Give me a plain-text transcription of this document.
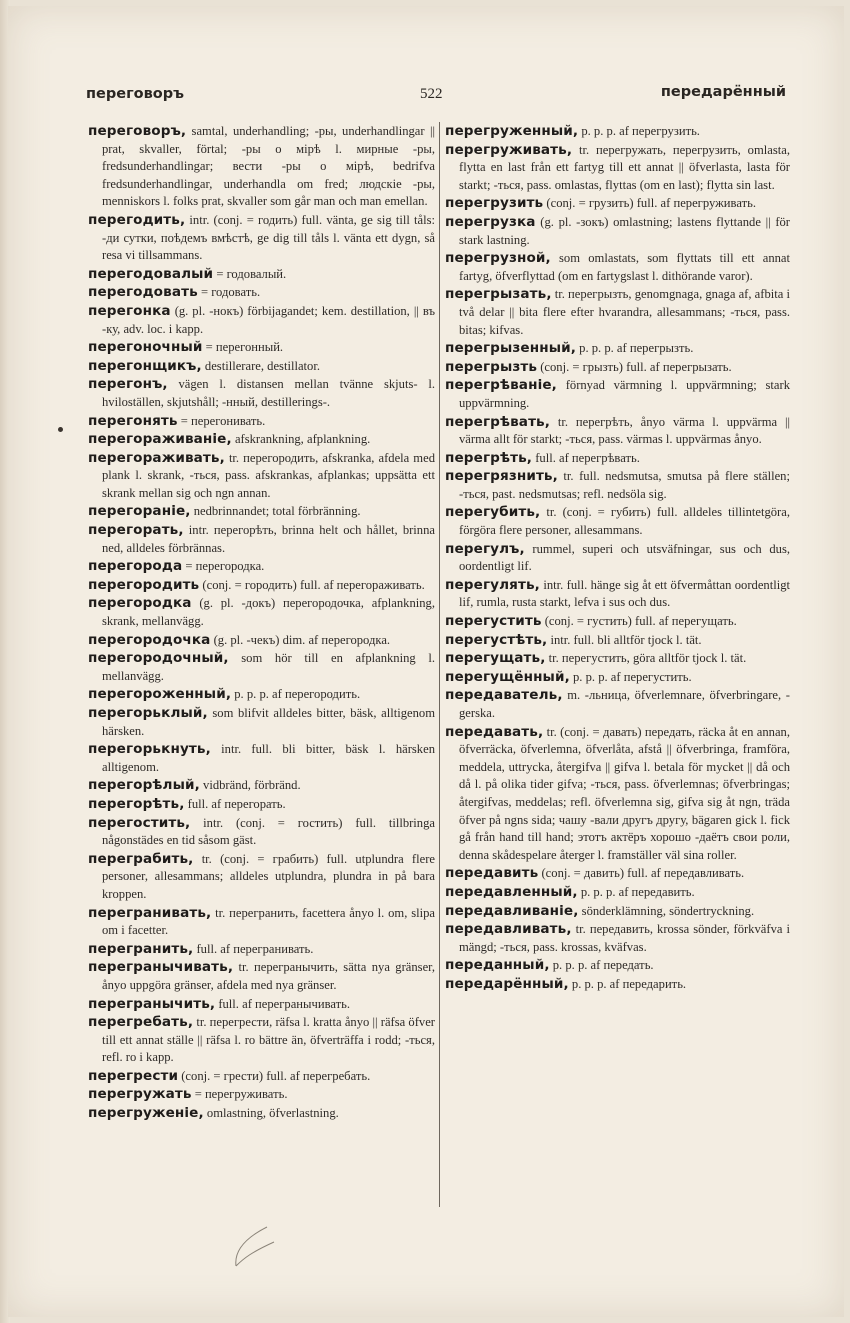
переговоръ	522	передарённый
переговоръ, samtal, underhandling; -ры, underhandlingar || prat, skvaller, förtal; -ры о мірѣ l. мирные -ры, fredsunderhandlingar; вести -ры о мірѣ, bedrifva fredsunderhandlingar, underhandla om fred; людскіе -ры, menniskors l. folks prat, skvaller som går man och man emellan.
перегодить, intr. (conj. = годить) full. vänta, ge sig till tåls: -ди сутки, поѣдемъ вмѣстѣ, ge dig till tåls l. vänta ett dygn, så resa vi tillsammans.
перегодовалый = годовалый.
перегодовать = годовать.
перегонка (g. pl. -нокъ) förbijagandet; kem. destillation, || въ -ку, adv. loc. i kapp.
перегоночный = перегонный.
перегонщикъ, destillerare, destillator.
перегонъ, vägen l. distansen mellan tvänne skjuts- l. hviloställen, skjutshåll; -нный, destillerings-.
перегонять = перегонивать.
перегораживаніе, afskrankning, afplankning.
перегораживать, tr. перегородить, afskranka, afdela med plank l. skrank, -ться, pass. afskrankas, afplankas; uppsätta ett skrank mellan sig och ngn annan.
перегораніе, nedbrinnandet; total förbränning.
перегорать, intr. перегорѣть, brinna helt och hållet, brinna ned, alldeles förbrännas.
перегорода = перегородка.
перегородить (conj. = городить) full. af перегораживать.
перегородка (g. pl. -докъ) перегородочка, afplankning, skrank, mellanvägg.
перегородочка (g. pl. -чекъ) dim. af перегородка.
перегородочный, som hör till en afplankning l. mellanvägg.
перегороженный, p. p. p. af перегородить.
перегорьклый, som blifvit alldeles bitter, bäsk, alltigenom härsken.
перегорькнуть, intr. full. bli bitter, bäsk l. härsken alltigenom.
перегорѣлый, vidbränd, förbränd.
перегорѣть, full. af перегорать.
перегостить, intr. (conj. = гостить) full. tillbringa någonstädes en tid såsom gäst.
переграбить, tr. (conj. = грабить) full. utplundra flere personer, allesammans; alldeles utplundra, plundra in på bara kroppen.
перегранивать, tr. перегранить, facettera ånyo l. om, slipa om i facetter.
перегранить, full. af перегранивать.
перегранычивать, tr. перегранычить, sätta nya gränser, ånyo uppgöra gränser, afdela med nya gränser.
перегранычить, full. af перегранычивать.
перегребать, tr. перегрести, räfsa l. kratta ånyo || räfsa öfver till ett annat ställe || räfsa l. ro bättre än, öfverträffa i rodd; -ться, refl. ro i kapp.
перегрести (conj. = грести) full. af перегребать.
перегружать = перегруживать.
перегруженіе, omlastning, öfverlastning.
перегруженный, p. p. p. af перегрузить.
перегруживать, tr. перегружать, перегрузить, omlasta, flytta en last från ett fartyg till ett annat || öfverlasta, lasta för starkt; -ться, pass. omlastas, flyttas (om en last); flytta sin last.
перегрузить (conj. = грузить) full. af перегруживать.
перегрузка (g. pl. -зокъ) omlastning; lastens flyttande || för stark lastning.
перегрузной, som omlastats, som flyttats till ett annat fartyg, öfverflyttad (om en fartygslast l. dithörande varor).
перегрызать, tr. перегрызть, genomgnaga, gnaga af, afbita i två delar || bita flere efter hvarandra, allesammans; -ться, pass. bitas; kifvas.
перегрызенный, p. p. p. af перегрызть.
перегрызть (conj. = грызть) full. af перегрызать.
перегрѣваніе, förnyad värmning l. uppvärmning; stark uppvärmning.
перегрѣвать, tr. перегрѣть, ånyo värma l. uppvärma || värma allt för starkt; -ться, pass. värmas l. uppvärmas ånyo.
перегрѣть, full. af перегрѣвать.
перегрязнить, tr. full. nedsmutsa, smutsa på flere ställen; -ться, past. nedsmutsas; refl. nedsöla sig.
перегубить, tr. (conj. = губить) full. alldeles tillintetgöra, förgöra flere personer, allesammans.
перегулъ, rummel, superi och utsväfningar, sus och dus, oordentligt lif.
перегулять, intr. full. hänge sig åt ett öfvermåttan oordentligt lif, rumla, rusta starkt, lefva i sus och dus.
перегустить (conj. = густить) full. af перегущать.
перегустѣть, intr. full. bli alltför tjock l. tät.
перегущать, tr. перегустить, göra alltför tjock l. tät.
перегущённый, p. p. p. af перегустить.
передаватель, m. -льница, öfverlemnare, öfverbringare, -gerska.
передавать, tr. (conj. = давать) передать, räcka åt en annan, öfverräcka, öfverlemna, öfverlåta, afstå || öfverbringa, framföra, meddela, uttrycka, återgifva || gifva l. betala för mycket || då och då l. på olika tider gifva; -ться, pass. öfverlemnas; öfverbringas; återgifvas, meddelas; refl. öfverlemna sig, gifva sig åt ngn, träda öfver på ngns sida; чашу -вали другъ другу, bägaren gick l. fick gå från hand till hand; этотъ актёръ хорошо -даётъ свои роли, denna skådespelare återger l. framställer väl sina roller.
передавить (conj. = давить) full. af передавливать.
передавленный, p. p. p. af передавить.
передавливаніе, sönderklämning, söndertryckning.
передавливать, tr. передавить, krossa sönder, förkväfva i mängd; -ться, pass. krossas, kväfvas.
переданный, p. p. p. af передать.
передарённый, p. p. p. af передарить.
